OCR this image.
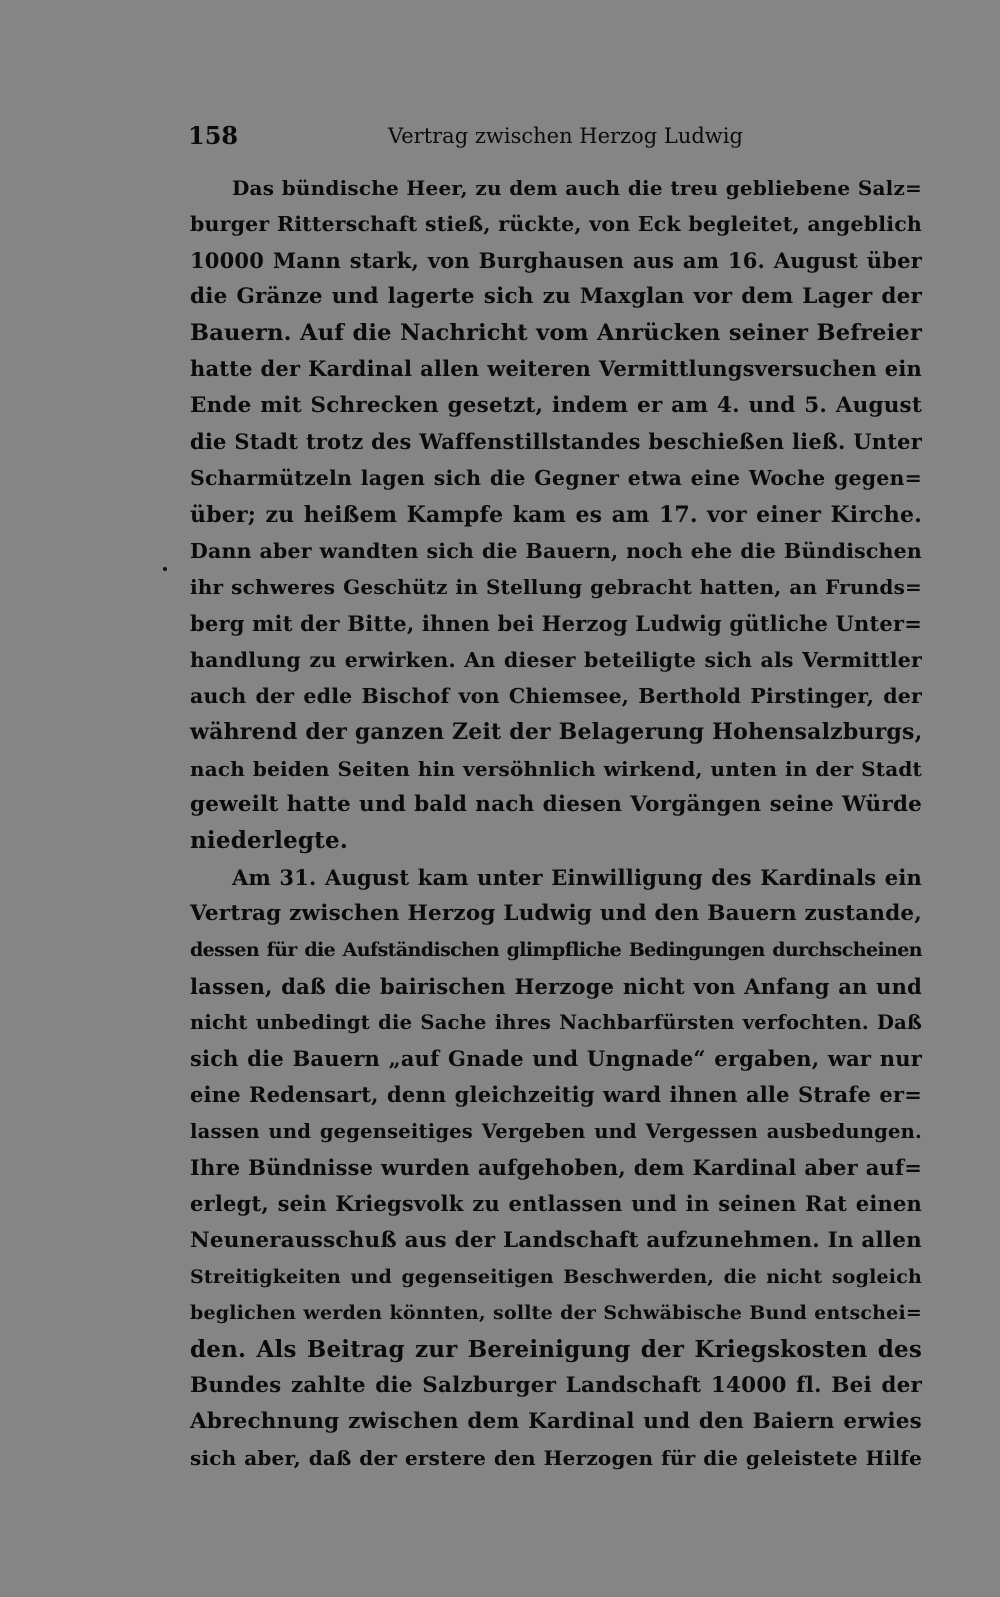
158	Vertrag zwischen Herzog Ludwig
Das bündische Heer, zu dem auch die treu gebliebene Salz=
burger Ritterschaft stieß, rückte, von Eck begleitet, angeblich
10000 Mann stark, von Burghausen aus am 16. August über
die Gränze und lagerte sich zu Maxglan vor dem Lager der
Bauern. Auf die Nachricht vom Anrücken seiner Befreier
hatte der Kardinal allen weiteren Vermittlungsversuchen ein
Ende mit Schrecken gesetzt, indem er am 4. und 5. August
die Stadt trotz des Waffenstillstandes beschießen ließ. Unter
Scharmützeln lagen sich die Gegner etwa eine Woche gegen=
über; zu heißem Kampfe kam es am 17. vor einer Kirche.
Dann aber wandten sich die Bauern, noch ehe die Bündischen
ihr schweres Geschütz in Stellung gebracht hatten, an Frunds=
berg mit der Bitte, ihnen bei Herzog Ludwig gütliche Unter=
handlung zu erwirken. An dieser beteiligte sich als Vermittler
auch der edle Bischof von Chiemsee, Berthold Pirstinger, der
während der ganzen Zeit der Belagerung Hohensalzburgs,
nach beiden Seiten hin versöhnlich wirkend, unten in der Stadt
geweilt hatte und bald nach diesen Vorgängen seine Würde
niederlegte.
Am 31. August kam unter Einwilligung des Kardinals ein
Vertrag zwischen Herzog Ludwig und den Bauern zustande,
dessen für die Aufständischen glimpfliche Bedingungen durchscheinen
lassen, daß die bairischen Herzoge nicht von Anfang an und
nicht unbedingt die Sache ihres Nachbarfürsten verfochten. Daß
sich die Bauern „auf Gnade und Ungnade“ ergaben, war nur
eine Redensart, denn gleichzeitig ward ihnen alle Strafe er=
lassen und gegenseitiges Vergeben und Vergessen ausbedungen.
Ihre Bündnisse wurden aufgehoben, dem Kardinal aber auf=
erlegt, sein Kriegsvolk zu entlassen und in seinen Rat einen
Neunerausschuß aus der Landschaft aufzunehmen. In allen
Streitigkeiten und gegenseitigen Beschwerden, die nicht sogleich
beglichen werden könnten, sollte der Schwäbische Bund entschei=
den. Als Beitrag zur Bereinigung der Kriegskosten des
Bundes zahlte die Salzburger Landschaft 14000 fl. Bei der
Abrechnung zwischen dem Kardinal und den Baiern erwies
sich aber, daß der erstere den Herzogen für die geleistete Hilfe
